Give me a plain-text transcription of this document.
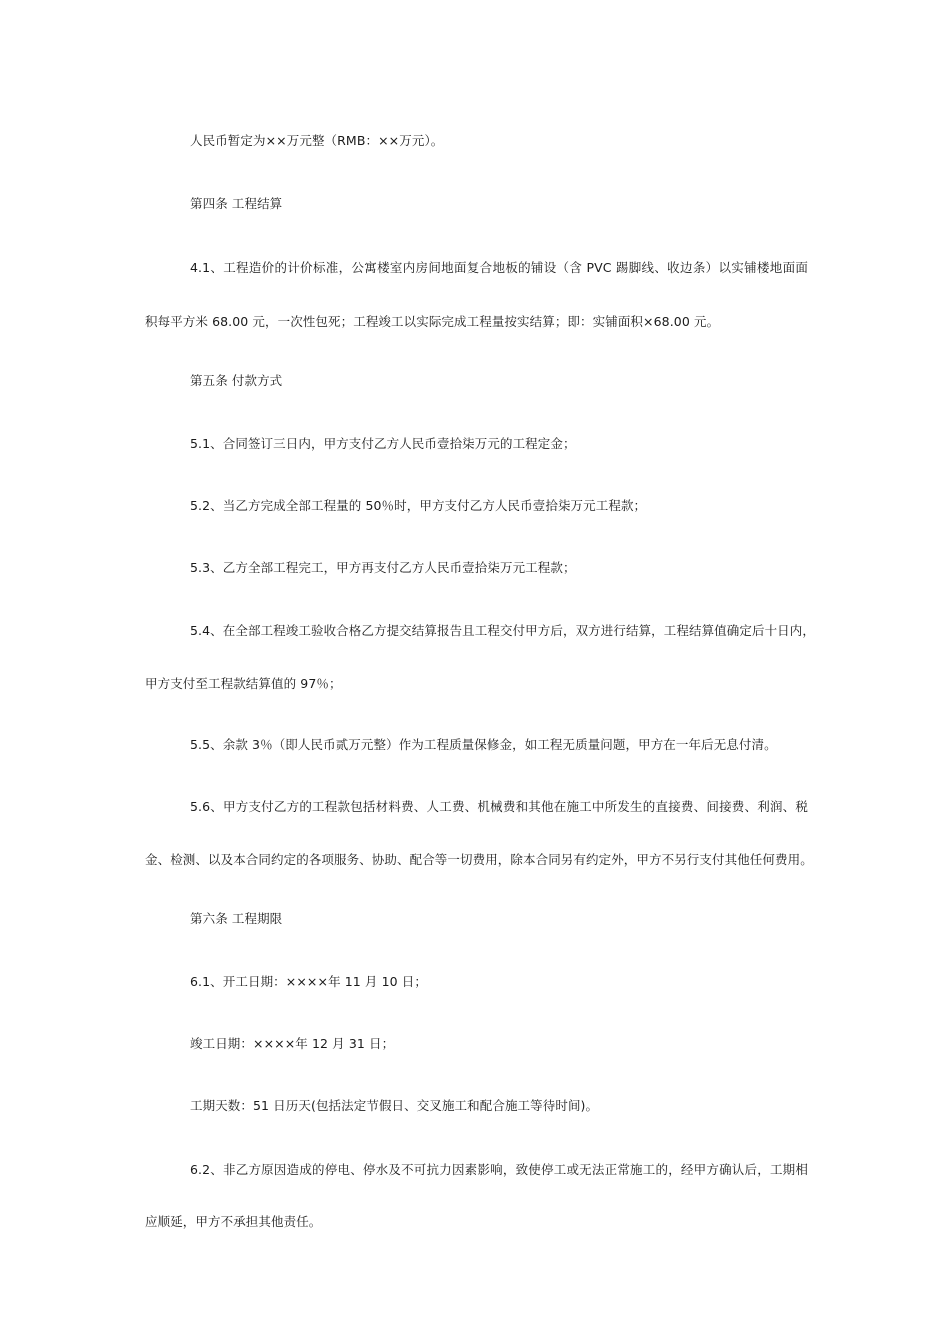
人民币暂定为××万元整（RMB：××万元）。
第四条 工程结算
4.1、工程造价的计价标准，公寓楼室内房间地面复合地板的铺设（含 PVC 踢脚线、收边条）以实铺楼地面面
积每平方米 68.00 元，一次性包死；工程竣工以实际完成工程量按实结算；即：实铺面积×68.00 元。
第五条 付款方式
5.1、合同签订三日内，甲方支付乙方人民币壹拾柒万元的工程定金；
5.2、当乙方完成全部工程量的 50％时，甲方支付乙方人民币壹拾柒万元工程款；
5.3、乙方全部工程完工，甲方再支付乙方人民币壹拾柒万元工程款；
5.4、在全部工程竣工验收合格乙方提交结算报告且工程交付甲方后，双方进行结算，工程结算值确定后十日内，
甲方支付至工程款结算值的 97％；
5.5、余款 3％（即人民币贰万元整）作为工程质量保修金，如工程无质量问题，甲方在一年后无息付清。
5.6、甲方支付乙方的工程款包括材料费、人工费、机械费和其他在施工中所发生的直接费、间接费、利润、税
金、检测、以及本合同约定的各项服务、协助、配合等一切费用，除本合同另有约定外，甲方不另行支付其他任何费用。
第六条 工程期限
6.1、开工日期：××××年 11 月 10 日；
竣工日期：××××年 12 月 31 日；
工期天数：51 日历天(包括法定节假日、交叉施工和配合施工等待时间)。
6.2、非乙方原因造成的停电、停水及不可抗力因素影响，致使停工或无法正常施工的，经甲方确认后，工期相
应顺延，甲方不承担其他责任。
